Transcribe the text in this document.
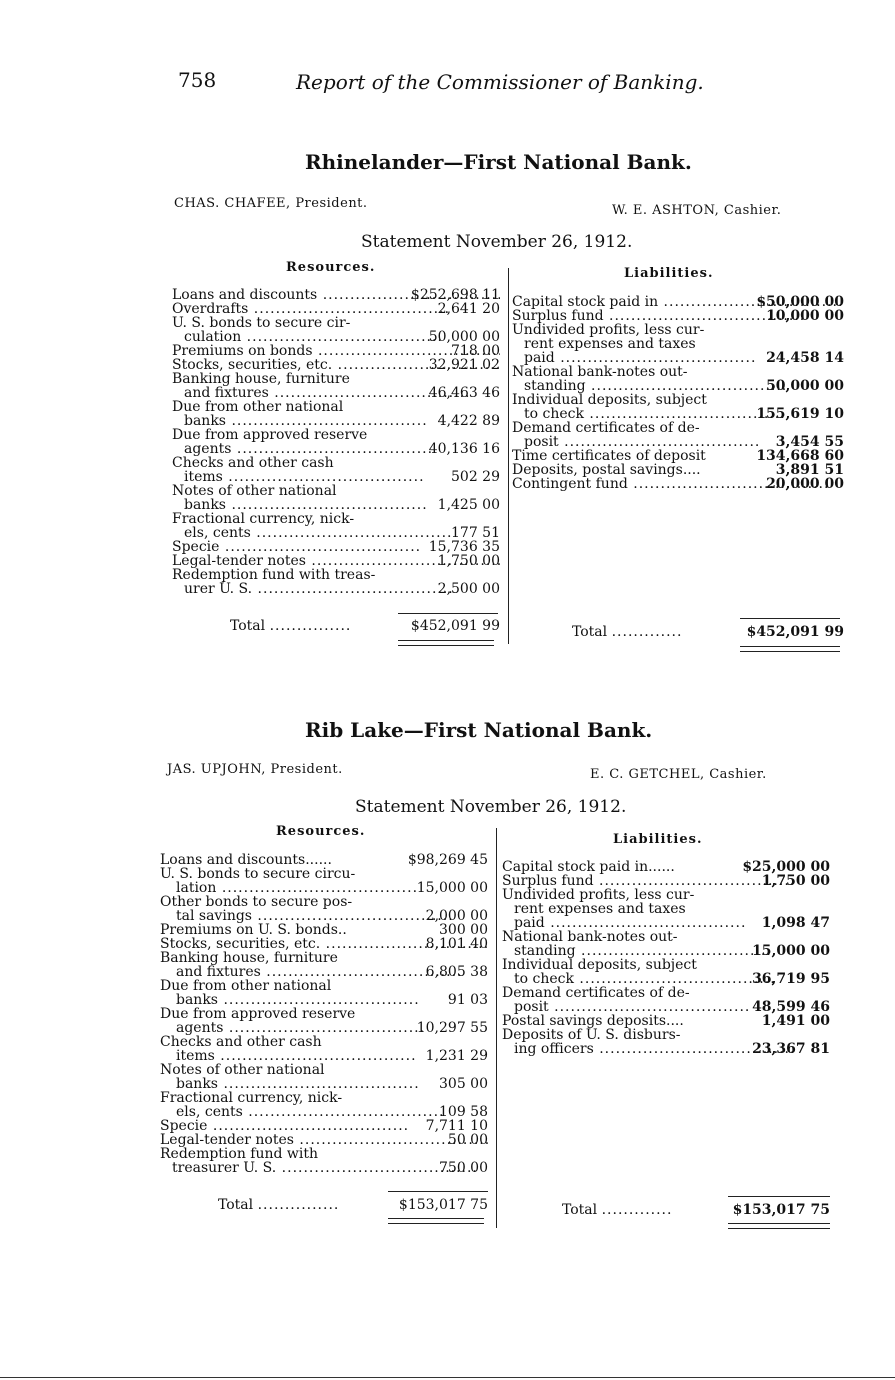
758	Report of the Commissioner of Banking.
Rhinelander—First National Bank.
CHAS. CHAFEE, President.	W. E. ASHTON, Cashier.
Statement November 26, 1912.
Resources.	Liabilities.
Loans and discounts .....	$252,698 11
Overdrafts .....	2,641 20
U. S. bonds to secure cir-
culation .....	50,000 00
Premiums on bonds .....	718 00
Stocks, securities, etc. .....	32,921 02
Banking house, furniture
and fixtures .....	46,463 46
Due from other national
banks .....	4,422 89
Due from approved reserve
agents .....	40,136 16
Checks and other cash
items .....	502 29
Notes of other national
banks .....	1,425 00
Fractional currency, nick-
els, cents .....	177 51
Specie .....	15,736 35
Legal-tender notes .....	1,750 00
Redemption fund with treas-
urer U. S. .....	2,500 00
Total ...............	$452,091 99
Capital stock paid in .....	$50,000 00
Surplus fund .....	10,000 00
Undivided profits, less cur-
rent expenses and taxes
paid .....	24,458 14
National bank-notes out-
standing .....	50,000 00
Individual deposits, subject
to check .....	155,619 10
Demand certificates of de-
posit .....	3,454 55
Time certificates of deposit	134,668 60
Deposits, postal savings....	3,891 51
Contingent fund .....	20,000 00
Total .............	$452,091 99
Rib Lake—First National Bank.
JAS. UPJOHN, President.	E. C. GETCHEL, Cashier.
Statement November 26, 1912.
Resources.
Liabilities.
Loans and discounts......	$98,269 45
U. S. bonds to secure circu-
lation .....	15,000 00
Other bonds to secure pos-
tal savings .....	2,000 00
Premiums on U. S. bonds..	300 00
Stocks, securities, etc. .....	8,101 40
Banking house, furniture
and fixtures .....	6,805 38
Due from other national
banks .....	91 03
Due from approved reserve
agents .....	10,297 55
Checks and other cash
items .....	1,231 29
Notes of other national
banks .....	305 00
Fractional currency, nick-
els, cents .....	109 58
Specie .....	7,711 10
Legal-tender notes .....	50 00
Redemption fund with
treasurer U. S. .....	750 00
Total ...............	$153,017 75
Capital stock paid in......	$25,000 00
Surplus fund .....	1,750 00
Undivided profits, less cur-
rent expenses and taxes
paid .....	1,098 47
National bank-notes out-
standing .....	15,000 00
Individual deposits, subject
to check .....	36,719 95
Demand certificates of de-
posit .....	48,599 46
Postal savings deposits....	1,491 00
Deposits of U. S. disburs-
ing officers .....	23,367 81
Total .............	$153,017 75
